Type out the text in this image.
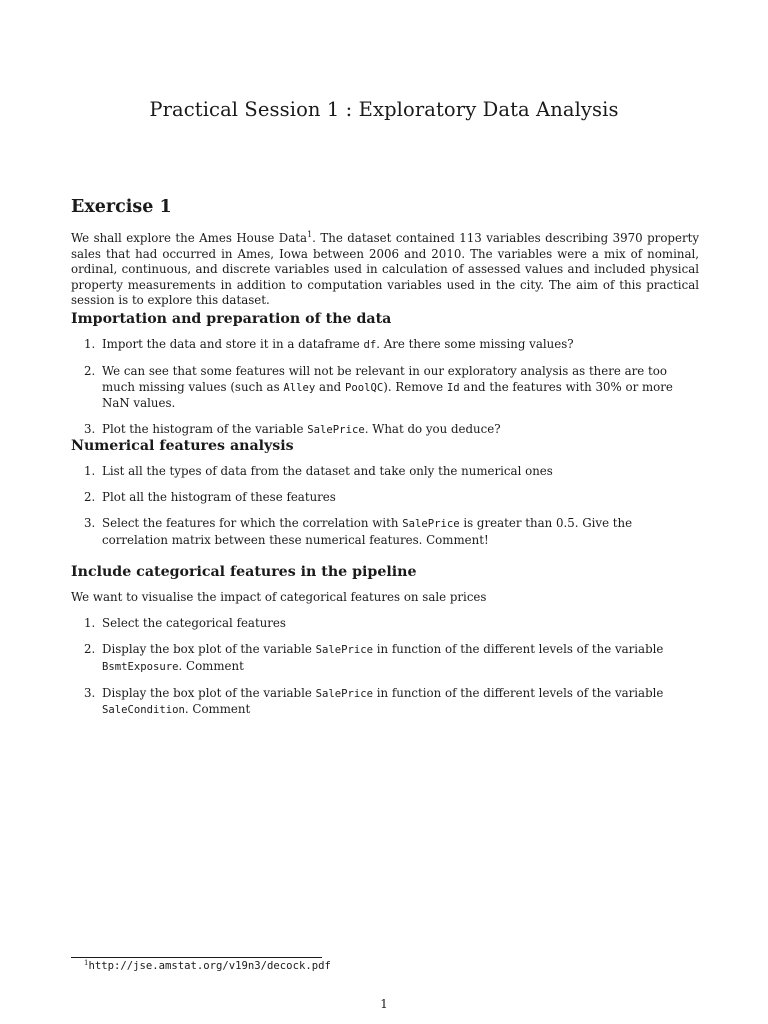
Practical Session 1 : Exploratory Data Analysis
Exercise 1

We shall explore the Ames House Data$^1$. The dataset contained 113 variables describing 3970 property sales that had occurred in Ames, Iowa between 2006 and 2010. The variables were a mix of nominal, ordinal, continuous, and discrete variables used in calculation of assessed values and included physical property measurements in addition to computation variables used in the city. The aim of this practical session is to explore this dataset.

Importation and preparation of the data
1. Import the data and store it in a dataframe df. Are there some missing values?
2. We can see that some features will not be relevant in our exploratory analysis as there are too much missing values (such as Alley and PoolQC). Remove Id and the features with 30% or more NaN values.
3. Plot the histogram of the variable SalePrice. What do you deduce?
Numerical features analysis
1. List all the types of data from the dataset and take only the numerical ones
2. Plot all the histogram of these features
3. Select the features for which the correlation with SalePrice is greater than 0.5. Give the correlation matrix between these numerical features. Comment!
Include categorical features in the pipeline

We want to visualise the impact of categorical features on sale prices

1. Select the categorical features
2. Display the box plot of the variable SalePrice in function of the different levels of the variable BsmtExposure. Comment
3. Display the box plot of the variable SalePrice in function of the different levels of the variable SaleCondition. Comment
$^1$http://jse.amstat.org/v19n3/decock.pdf
1
